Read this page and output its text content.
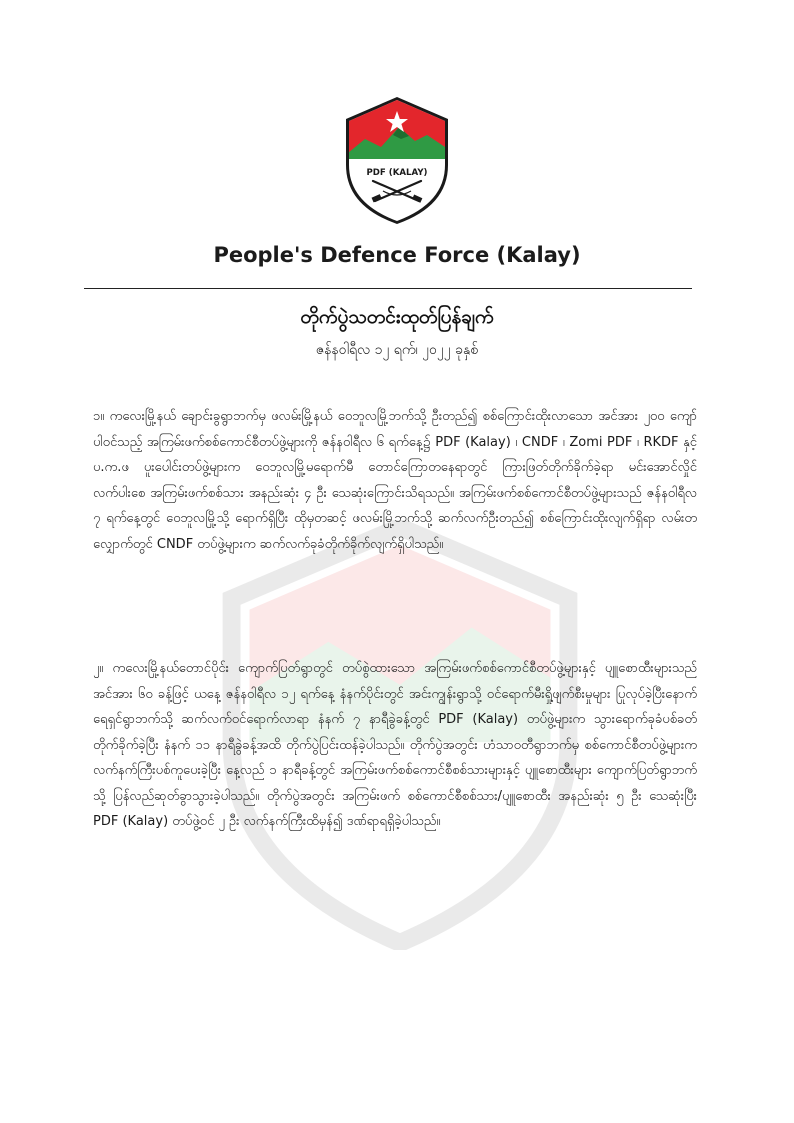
PDF (KALAY)
People's Defence Force (Kalay)
တိုက်ပွဲသတင်းထုတ်ပြန်ချက်
ဇန်နဝါရီလ ၁၂ ရက်၊ ၂၀၂၂ ခုနှစ်

၁။ ကလေးမြို့နယ် ချောင်းခွရွာဘက်မှ ဖလမ်းမြို့နယ် ဝေဘူလမြို့ဘက်သို့ ဦးတည်၍ စစ်ကြောင်းထိုးလာသော အင်အား ၂၀၀ ကျော်ပါဝင်သည့် အကြမ်းဖက်စစ်ကောင်စီတပ်ဖွဲ့များကို ဇန်နဝါရီလ ၆ ရက်နေ့၌ PDF (Kalay) ၊ CNDF ၊ Zomi PDF ၊ RKDF နှင့် ပ.က.ဖ ပူးပေါင်းတပ်ဖွဲ့များက ဝေဘူလမြို့မရောက်မီ တောင်ကြောတနေရာတွင် ကြားဖြတ်တိုက်ခိုက်ခဲ့ရာ မင်းအောင်လှိုင် လက်ပါးစေ အကြမ်းဖက်စစ်သား အနည်းဆုံး ၄ ဦး သေဆုံးကြောင်းသိရသည်။ အကြမ်းဖက်စစ်ကောင်စီတပ်ဖွဲ့များသည် ဇန်နဝါရီလ ၇ ရက်နေ့တွင် ဝေဘူလမြို့သို့ ရောက်ရှိပြီး ထိုမှတဆင့် ဖလမ်းမြို့ဘက်သို့ ဆက်လက်ဦးတည်၍ စစ်ကြောင်းထိုးလျက်ရှိရာ လမ်းတလျှောက်တွင် CNDF တပ်ဖွဲ့များက ဆက်လက်ခုခံတိုက်ခိုက်လျက်ရှိပါသည်။

၂။ ကလေးမြို့နယ်တောင်ပိုင်း ကျောက်ပြတ်ရွာတွင် တပ်စွဲထားသော အကြမ်းဖက်စစ်ကောင်စီတပ်ဖွဲ့များနှင့် ပျူစောထီးများသည် အင်အား ၆၀ ခန့်ဖြင့် ယနေ့ ဇန်နဝါရီလ ၁၂ ရက်နေ့ နံနက်ပိုင်းတွင် အင်းကျွန်းရွာသို့ ဝင်ရောက်မီးရှို့ဖျက်စီးမှုများ ပြုလုပ်ခဲ့ပြီးနောက် ရေရှင်ရွာဘက်သို့ ဆက်လက်ဝင်ရောက်လာရာ နံနက် ၇ နာရီခွဲခန့်တွင် PDF (Kalay) တပ်ဖွဲ့များက သွားရောက်ခုခံပစ်ခတ်တိုက်ခိုက်ခဲ့ပြီး နံနက် ၁၁ နာရီခွဲခန့်အထိ တိုက်ပွဲပြင်းထန်ခဲ့ပါသည်။ တိုက်ပွဲအတွင်း ဟံသာဝတီရွာဘက်မှ စစ်ကောင်စီတပ်ဖွဲ့များက လက်နက်ကြီးပစ်ကူပေးခဲ့ပြီး နေ့လည် ၁ နာရီခန့်တွင် အကြမ်းဖက်စစ်ကောင်စီစစ်သားများနှင့် ပျူစောထီးများ ကျောက်ပြတ်ရွာဘက်သို့ ပြန်လည်ဆုတ်ခွာသွားခဲ့ပါသည်။ တိုက်ပွဲအတွင်း အကြမ်းဖက် စစ်ကောင်စီစစ်သား/ပျူစောထီး အနည်းဆုံး ၅ ဦး သေဆုံးပြီး PDF (Kalay) တပ်ဖွဲ့ဝင် ၂ ဦး လက်နက်ကြီးထိမှန်၍ ဒဏ်ရာရရှိခဲ့ပါသည်။
